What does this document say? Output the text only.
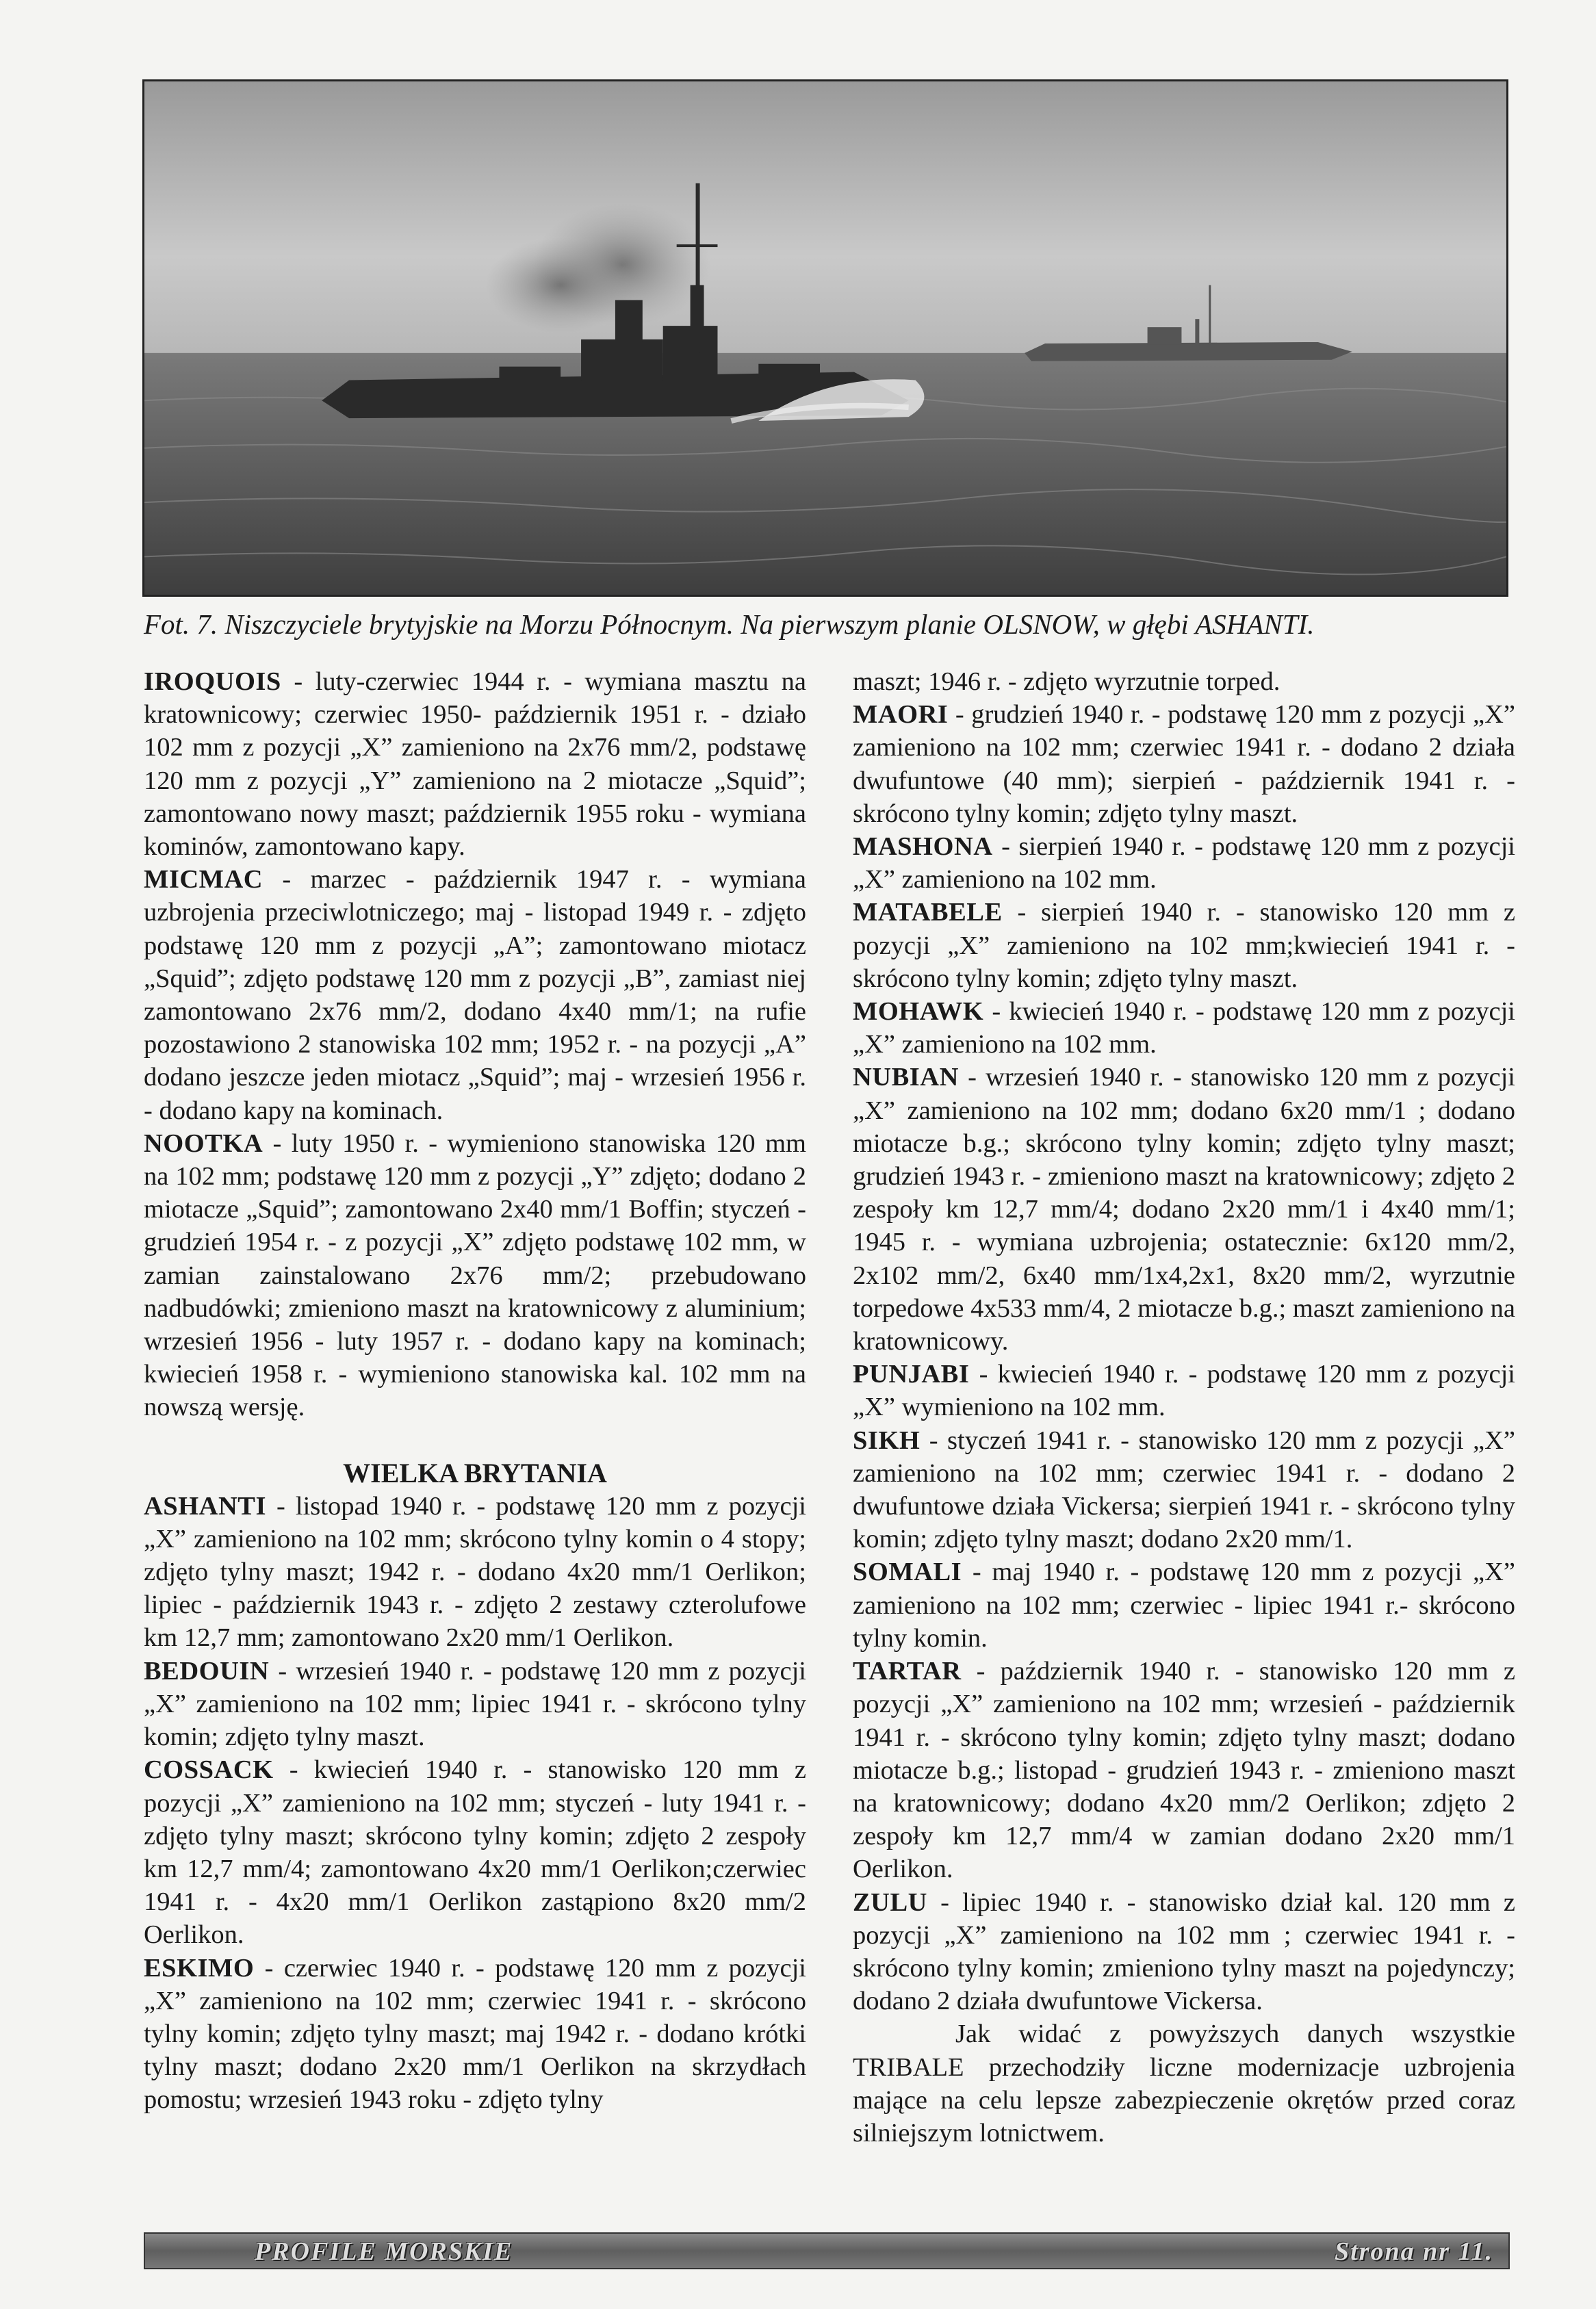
Fot. 7. Niszczyciele brytyjskie na Morzu Północnym. Na pierwszym planie OLSNOW, w głębi ASHANTI.

IROQUOIS - luty-czerwiec 1944 r. - wymiana masztu na kratownicowy; czerwiec 1950- październik 1951 r. - działo 102 mm z pozycji „X” zamieniono na 2x76 mm/2, podstawę 120 mm z pozycji „Y” zamieniono na 2 miotacze „Squid”; zamontowano nowy maszt; październik 1955 roku - wymiana kominów, zamontowano kapy.

MICMAC - marzec - październik 1947 r. - wymiana uzbrojenia przeciwlotniczego; maj - listopad 1949 r. - zdjęto podstawę 120 mm z pozycji „A”; zamontowano miotacz „Squid”; zdjęto podstawę 120 mm z pozycji „B”, zamiast niej zamontowano 2x76 mm/2, dodano 4x40 mm/1; na rufie pozostawiono 2 stanowiska 102 mm; 1952 r. - na pozycji „A” dodano jeszcze jeden miotacz „Squid”; maj - wrzesień 1956 r. - dodano kapy na kominach.

NOOTKA - luty 1950 r. - wymieniono stanowiska 120 mm na 102 mm; podstawę 120 mm z pozycji „Y” zdjęto; dodano 2 miotacze „Squid”; zamontowano 2x40 mm/1 Boffin; styczeń - grudzień 1954 r. - z pozycji „X” zdjęto podstawę 102 mm, w zamian zainstalowano 2x76 mm/2; przebudowano nadbudówki; zmieniono maszt na kratownicowy z aluminium; wrzesień 1956 - luty 1957 r. - dodano kapy na kominach; kwiecień 1958 r. - wymieniono stanowiska kal. 102 mm na nowszą wersję.

WIELKA BRYTANIA

ASHANTI - listopad 1940 r. - podstawę 120 mm z pozycji „X” zamieniono na 102 mm; skrócono tylny komin o 4 stopy; zdjęto tylny maszt; 1942 r. - dodano 4x20 mm/1 Oerlikon; lipiec - październik 1943 r. - zdjęto 2 zestawy czterolufowe km 12,7 mm; zamontowano 2x20 mm/1 Oerlikon.

BEDOUIN - wrzesień 1940 r. - podstawę 120 mm z pozycji „X” zamieniono na 102 mm; lipiec 1941 r. - skrócono tylny komin; zdjęto tylny maszt.

COSSACK - kwiecień 1940 r. - stanowisko 120 mm z pozycji „X” zamieniono na 102 mm; styczeń - luty 1941 r. - zdjęto tylny maszt; skrócono tylny komin; zdjęto 2 zespoły km 12,7 mm/4; zamontowano 4x20 mm/1 Oerlikon;czerwiec 1941 r. - 4x20 mm/1 Oerlikon zastąpiono 8x20 mm/2 Oerlikon.

ESKIMO - czerwiec 1940 r. - podstawę 120 mm z pozycji „X” zamieniono na 102 mm; czerwiec 1941 r. - skrócono tylny komin; zdjęto tylny maszt; maj 1942 r. - dodano krótki tylny maszt; dodano 2x20 mm/1 Oerlikon na skrzydłach pomostu; wrzesień 1943 roku - zdjęto tylny

maszt; 1946 r. - zdjęto wyrzutnie torped.

MAORI - grudzień 1940 r. - podstawę 120 mm z pozycji „X” zamieniono na 102 mm; czerwiec 1941 r. - dodano 2 działa dwufuntowe (40 mm); sierpień - październik 1941 r. - skrócono tylny komin; zdjęto tylny maszt.

MASHONA - sierpień 1940 r. - podstawę 120 mm z pozycji „X” zamieniono na 102 mm.

MATABELE - sierpień 1940 r. - stanowisko 120 mm z pozycji „X” zamieniono na 102 mm;kwiecień 1941 r. - skrócono tylny komin; zdjęto tylny maszt.

MOHAWK - kwiecień 1940 r. - podstawę 120 mm z pozycji „X” zamieniono na 102 mm.

NUBIAN - wrzesień 1940 r. - stanowisko 120 mm z pozycji „X” zamieniono na 102 mm; dodano 6x20 mm/1 ; dodano miotacze b.g.; skrócono tylny komin; zdjęto tylny maszt; grudzień 1943 r. - zmieniono maszt na kratownicowy; zdjęto 2 zespoły km 12,7 mm/4; dodano 2x20 mm/1 i 4x40 mm/1; 1945 r. - wymiana uzbrojenia; ostatecznie: 6x120 mm/2, 2x102 mm/2, 6x40 mm/1x4,2x1, 8x20 mm/2, wyrzutnie torpedowe 4x533 mm/4, 2 miotacze b.g.; maszt zamieniono na kratownicowy.

PUNJABI - kwiecień 1940 r. - podstawę 120 mm z pozycji „X” wymieniono na 102 mm.

SIKH - styczeń 1941 r. - stanowisko 120 mm z pozycji „X” zamieniono na 102 mm; czerwiec 1941 r. - dodano 2 dwufuntowe działa Vickersa; sierpień 1941 r. - skrócono tylny komin; zdjęto tylny maszt; dodano 2x20 mm/1.

SOMALI - maj 1940 r. - podstawę 120 mm z pozycji „X” zamieniono na 102 mm; czerwiec - lipiec 1941 r.- skrócono tylny komin.

TARTAR - październik 1940 r. - stanowisko 120 mm z pozycji „X” zamieniono na 102 mm; wrzesień - październik 1941 r. - skrócono tylny komin; zdjęto tylny maszt; dodano miotacze b.g.; listopad - grudzień 1943 r. - zmieniono maszt na kratownicowy; dodano 4x20 mm/2 Oerlikon; zdjęto 2 zespoły km 12,7 mm/4 w zamian dodano 2x20 mm/1 Oerlikon.

ZULU - lipiec 1940 r. - stanowisko dział kal. 120 mm z pozycji „X” zamieniono na 102 mm ; czerwiec 1941 r. - skrócono tylny komin; zmieniono tylny maszt na pojedynczy; dodano 2 działa dwufuntowe Vickersa.

Jak widać z powyższych danych wszystkie TRIBALE przechodziły liczne modernizacje uzbrojenia mające na celu lepsze zabezpieczenie okrętów przed coraz silniejszym lotnictwem.

PROFILE MORSKIE	Strona nr 11.
